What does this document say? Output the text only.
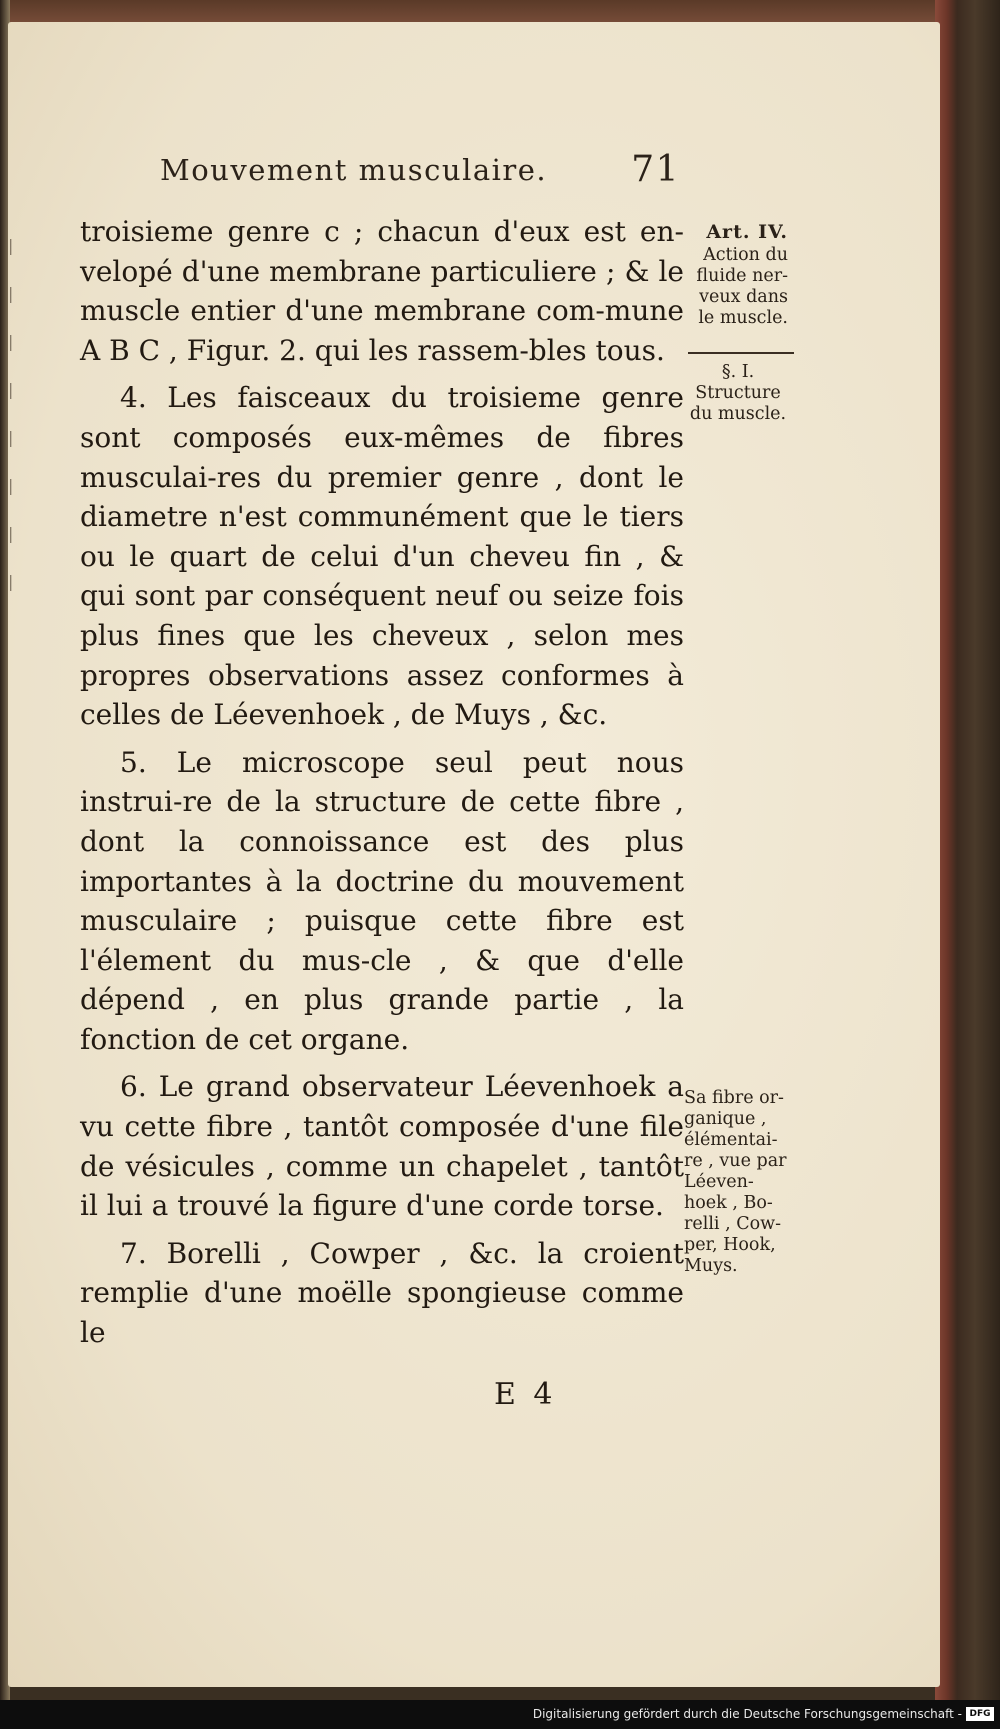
|
|
|
|
|
|
|
|
Mouvement musculaire. 71

troisieme genre c ; chacun d'eux est en-velopé d'une membrane particuliere ; & le muscle entier d'une membrane com-mune A B C , Figur. 2. qui les rassem-bles tous.

4. Les faisceaux du troisieme genre sont composés eux-mêmes de fibres musculai-res du premier genre , dont le diametre n'est communément que le tiers ou le quart de celui d'un cheveu fin , & qui sont par conséquent neuf ou seize fois plus fines que les cheveux , selon mes propres observations assez conformes à celles de Léevenhoek , de Muys , &c.

5. Le microscope seul peut nous instrui-re de la structure de cette fibre , dont la connoissance est des plus importantes à la doctrine du mouvement musculaire ; puisque cette fibre est l'élement du mus-cle , & que d'elle dépend , en plus grande partie , la fonction de cet organe.

6. Le grand observateur Léevenhoek a vu cette fibre , tantôt composée d'une file de vésicules , comme un chapelet , tantôt il lui a trouvé la figure d'une corde torse.

7. Borelli , Cowper , &c. la croient remplie d'une moëlle spongieuse comme le

Art. IV.
Action du fluide ner-veux dans le muscle.
§. I.
Structure du muscle.
Sa fibre or-ganique , élémentai-re , vue par Léeven-hoek , Bo-relli , Cow-per, Hook, Muys.
E 4
Digitalisierung gefördert durch die Deutsche Forschungsgemeinschaft - DFG
